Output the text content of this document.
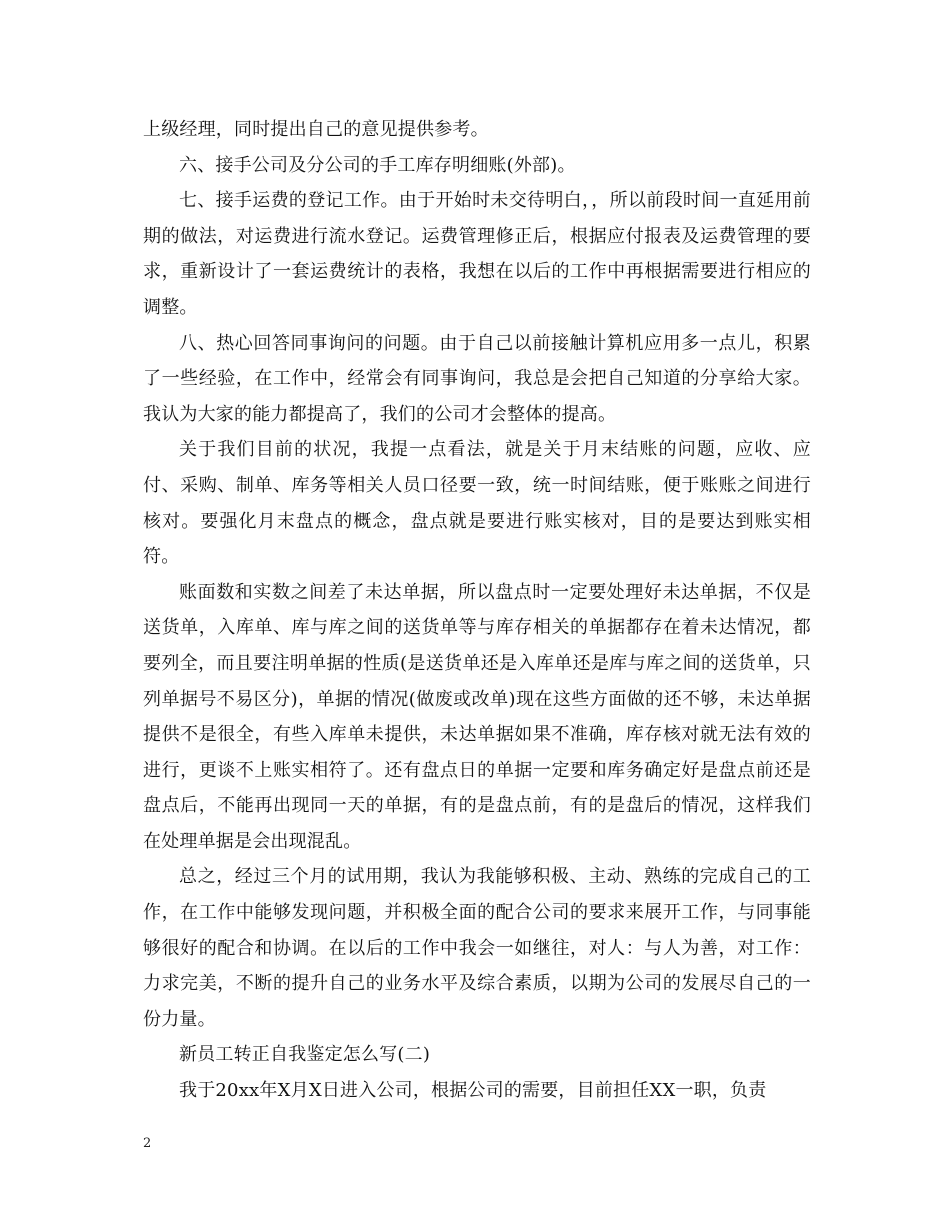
上级经理，同时提出自己的意见提供参考。

六、接手公司及分公司的手工库存明细账(外部)。

七、接手运费的登记工作。由于开始时未交待明白，，所以前段时间一直延用前期的做法，对运费进行流水登记。运费管理修正后，根据应付报表及运费管理的要求，重新设计了一套运费统计的表格，我想在以后的工作中再根据需要进行相应的调整。

八、热心回答同事询问的问题。由于自己以前接触计算机应用多一点儿，积累了一些经验，在工作中，经常会有同事询问，我总是会把自己知道的分享给大家。我认为大家的能力都提高了，我们的公司才会整体的提高。

关于我们目前的状况，我提一点看法，就是关于月末结账的问题，应收、应付、采购、制单、库务等相关人员口径要一致，统一时间结账，便于账账之间进行核对。要强化月末盘点的概念，盘点就是要进行账实核对，目的是要达到账实相符。

账面数和实数之间差了未达单据，所以盘点时一定要处理好未达单据，不仅是送货单，入库单、库与库之间的送货单等与库存相关的单据都存在着未达情况，都要列全，而且要注明单据的性质(是送货单还是入库单还是库与库之间的送货单，只列单据号不易区分)，单据的情况(做废或改单)现在这些方面做的还不够，未达单据提供不是很全，有些入库单未提供，未达单据如果不准确，库存核对就无法有效的进行，更谈不上账实相符了。还有盘点日的单据一定要和库务确定好是盘点前还是盘点后，不能再出现同一天的单据，有的是盘点前，有的是盘后的情况，这样我们在处理单据是会出现混乱。

总之，经过三个月的试用期，我认为我能够积极、主动、熟练的完成自己的工作，在工作中能够发现问题，并积极全面的配合公司的要求来展开工作，与同事能够很好的配合和协调。在以后的工作中我会一如继往，对人：与人为善，对工作：力求完美，不断的提升自己的业务水平及综合素质，以期为公司的发展尽自己的一份力量。

新员工转正自我鉴定怎么写(二)

我于20xx年X月X日进入公司，根据公司的需要，目前担任XX一职，负责

2
